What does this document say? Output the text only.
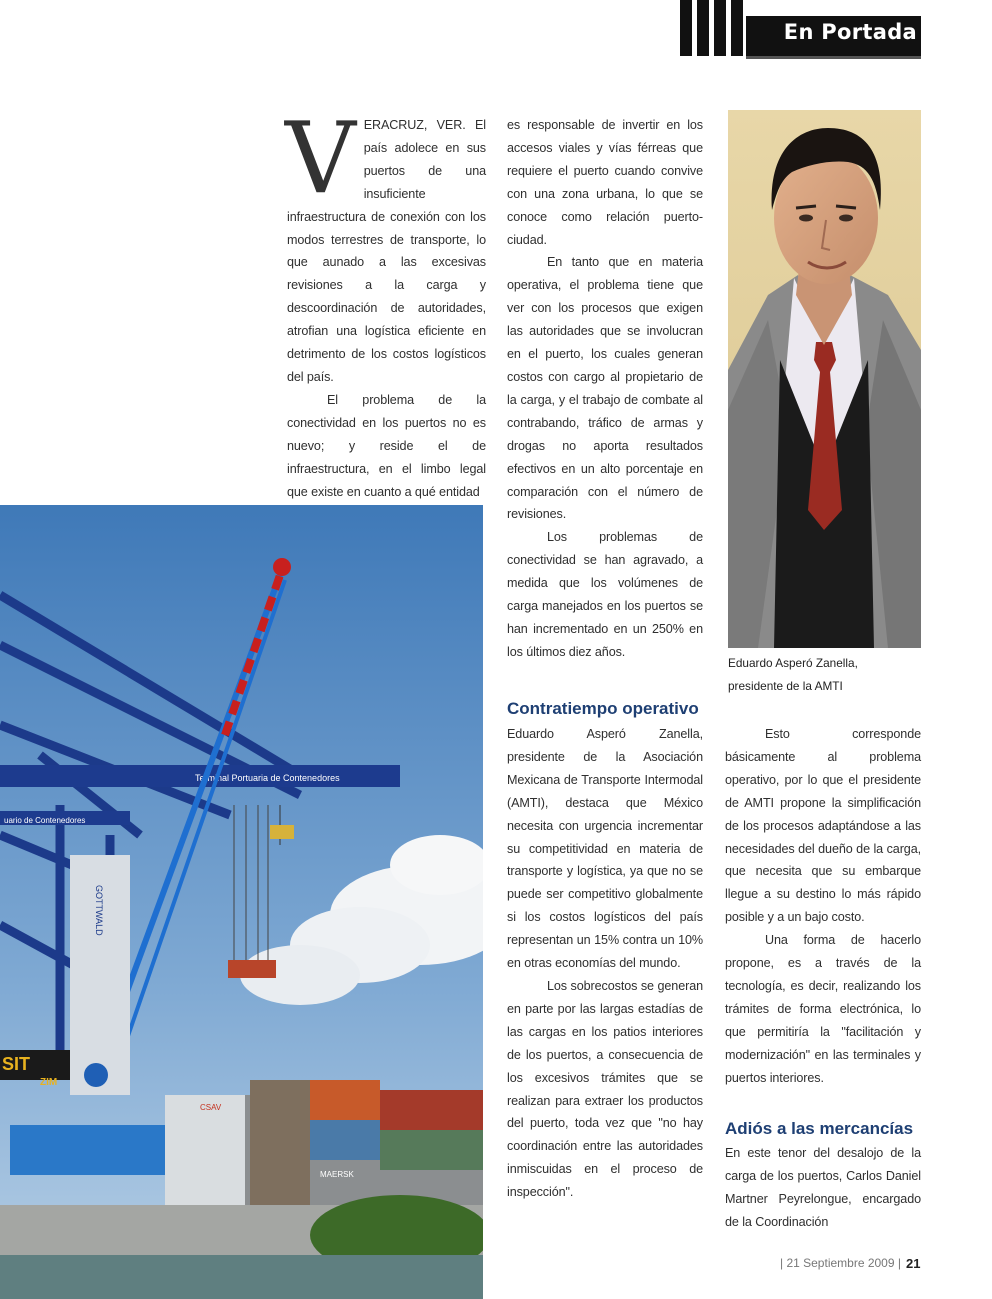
En Portada
V ERACRUZ, VER. El país adolece en sus puertos de una insuficiente infraestructura de conexión con los modos terrestres de transporte, lo que aunado a las excesivas revisiones a la carga y descoordinación de autoridades, atrofian una logística eficiente en detrimento de los costos logísticos del país.

El problema de la conectividad en los puertos no es nuevo; y reside el de infraestructura, en el limbo legal que existe en cuanto a qué entidad

es responsable de invertir en los accesos viales y vías férreas que requiere el puerto cuando convive con una zona urbana, lo que se conoce como relación puerto-ciudad.

En tanto que en materia operativa, el problema tiene que ver con los procesos que exigen las autoridades que se involucran en el puerto, los cuales generan costos con cargo al propietario de la carga, y el trabajo de combate al contrabando, tráfico de armas y drogas no aporta resultados efectivos en un alto porcentaje en comparación con el número de revisiones.

Los problemas de conectividad se han agravado, a medida que los volúmenes de carga manejados en los puertos se han incrementado en un 250% en los últimos diez años.

Contratiempo operativo

Eduardo Asperó Zanella, presidente de la Asociación Mexicana de Transporte Intermodal (AMTI), destaca que México necesita con urgencia incrementar su competitividad en materia de transporte y logística, ya que no se puede ser competitivo globalmente si los costos logísticos del país representan un 15% contra un 10% en otras economías del mundo.

Los sobrecostos se generan en parte por las largas estadías de las cargas en los patios interiores de los puertos, a consecuencia de los excesivos trámites que se realizan para extraer los productos del puerto, toda vez que "no hay coordinación entre las autoridades inmiscuidas en el proceso de inspección".

Eduardo Asperó Zanella,
presidente de la AMTI

Esto corresponde básicamente al problema operativo, por lo que el presidente de AMTI propone la simplificación de los procesos adaptándose a las necesidades del dueño de la carga, que necesita que su embarque llegue a su destino lo más rápido posible y a un bajo costo.

Una forma de hacerlo propone, es a través de la tecnología, es decir, realizando los trámites de forma electrónica, lo que permitiría la "facilitación y modernización" en las terminales y puertos interiores.

Adiós a las mercancías

En este tenor del desalojo de la carga de los puertos, Carlos Daniel Martner Peyrelongue, encargado de la Coordinación

Terminal Portuaria de Contenedores
uario de Contenedores
GOTTWALD
SIT
CSAV
MAERSK
ZIM
| 21 Septiembre 2009 | 21
